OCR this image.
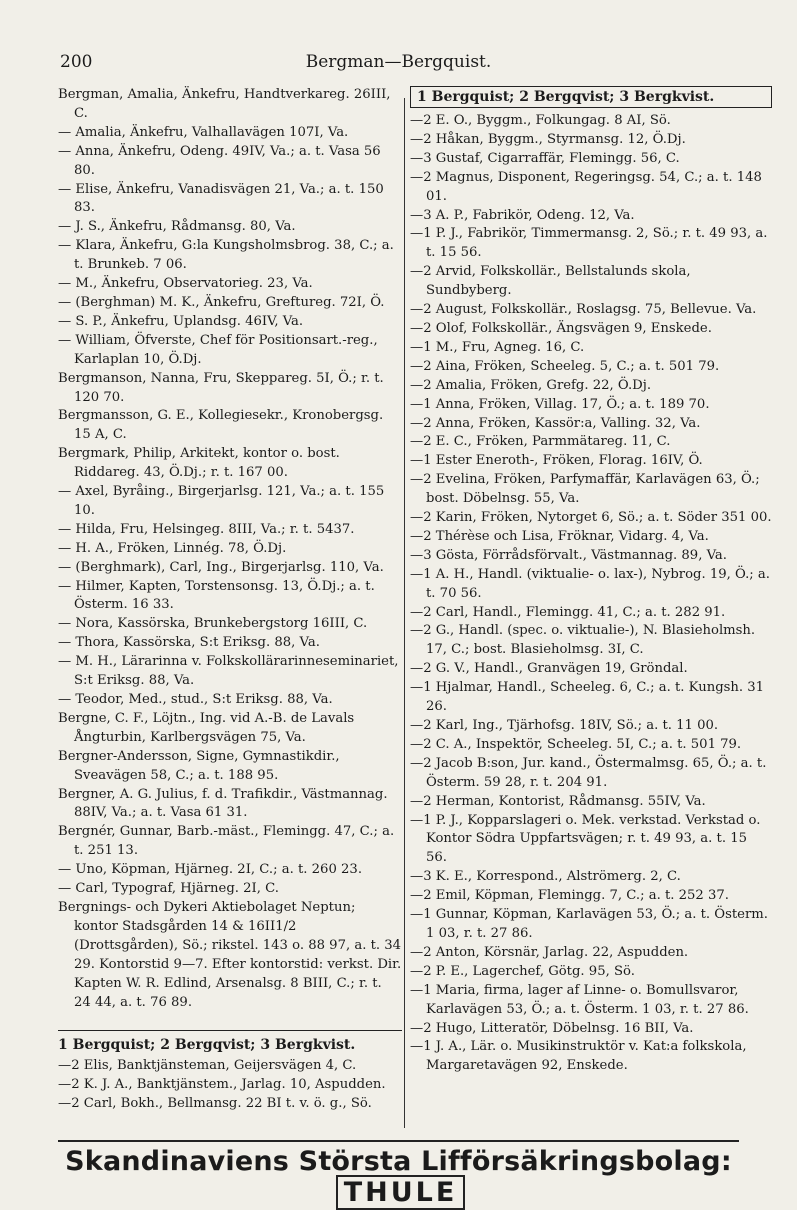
200	Bergman—Bergquist.

Bergman, Amalia, Änkefru, Handtverkareg. 26III, C.

— Amalia, Änkefru, Valhallavägen 107I, Va.

— Anna, Änkefru, Odeng. 49IV, Va.; a. t. Vasa 56 80.

— Elise, Änkefru, Vanadisvägen 21, Va.; a. t. 150 83.

— J. S., Änkefru, Rådmansg. 80, Va.

— Klara, Änkefru, G:la Kungsholmsbrog. 38, C.; a. t. Brunkeb. 7 06.

— M., Änkefru, Observatorieg. 23, Va.

— (Berghman) M. K., Änkefru, Greftureg. 72I, Ö.

— S. P., Änkefru, Uplandsg. 46IV, Va.

— William, Öfverste, Chef för Positionsart.-reg., Karlaplan 10, Ö.Dj.

Bergmanson, Nanna, Fru, Skeppareg. 5I, Ö.; r. t. 120 70.

Bergmansson, G. E., Kollegiesekr., Kronobergsg. 15 A, C.

Bergmark, Philip, Arkitekt, kontor o. bost. Riddareg. 43, Ö.Dj.; r. t. 167 00.

— Axel, Byråing., Birgerjarlsg. 121, Va.; a. t. 155 10.

— Hilda, Fru, Helsingeg. 8III, Va.; r. t. 5437.

— H. A., Fröken, Linnég. 78, Ö.Dj.

— (Berghmark), Carl, Ing., Birgerjarlsg. 110, Va.

— Hilmer, Kapten, Torstensonsg. 13, Ö.Dj.; a. t. Österm. 16 33.

— Nora, Kassörska, Brunkebergstorg 16III, C.

— Thora, Kassörska, S:t Eriksg. 88, Va.

— M. H., Lärarinna v. Folkskollärarinneseminariet, S:t Eriksg. 88, Va.

— Teodor, Med., stud., S:t Eriksg. 88, Va.

Bergne, C. F., Löjtn., Ing. vid A.-B. de Lavals Ångturbin, Karlbergsvägen 75, Va.

Bergner-Andersson, Signe, Gymnastikdir., Sveavägen 58, C.; a. t. 188 95.

Bergner, A. G. Julius, f. d. Trafikdir., Västmannag. 88IV, Va.; a. t. Vasa 61 31.

Bergnér, Gunnar, Barb.-mäst., Flemingg. 47, C.; a. t. 251 13.

— Uno, Köpman, Hjärneg. 2I, C.; a. t. 260 23.

— Carl, Typograf, Hjärneg. 2I, C.

Bergnings- och Dykeri Aktiebolaget Neptun; kontor Stadsgården 14 & 16II1/2 (Drottsgården), Sö.; rikstel. 143 o. 88 97, a. t. 34 29. Kontorstid 9—7. Efter kontorstid: verkst. Dir. Kapten W. R. Edlind, Arsenalsg. 8 BIII, C.; r. t. 24 44, a. t. 76 89.

1 Bergquist; 2 Bergqvist; 3 Bergkvist.

—2 Elis, Banktjänsteman, Geijersvägen 4, C.

—2 K. J. A., Banktjänstem., Jarlag. 10, Aspudden.

—2 Carl, Bokh., Bellmansg. 22 BI t. v. ö. g., Sö.

1 Bergquist; 2 Bergqvist; 3 Bergkvist.

—2 E. O., Byggm., Folkungag. 8 AI, Sö.

—2 Håkan, Byggm., Styrmansg. 12, Ö.Dj.

—3 Gustaf, Cigarraffär, Flemingg. 56, C.

—2 Magnus, Disponent, Regeringsg. 54, C.; a. t. 148 01.

—3 A. P., Fabrikör, Odeng. 12, Va.

—1 P. J., Fabrikör, Timmermansg. 2, Sö.; r. t. 49 93, a. t. 15 56.

—2 Arvid, Folkskollär., Bellstalunds skola, Sundbyberg.

—2 August, Folkskollär., Roslagsg. 75, Bellevue. Va.

—2 Olof, Folkskollär., Ängsvägen 9, Enskede.

—1 M., Fru, Agneg. 16, C.

—2 Aina, Fröken, Scheeleg. 5, C.; a. t. 501 79.

—2 Amalia, Fröken, Grefg. 22, Ö.Dj.

—1 Anna, Fröken, Villag. 17, Ö.; a. t. 189 70.

—2 Anna, Fröken, Kassör:a, Valling. 32, Va.

—2 E. C., Fröken, Parmmätareg. 11, C.

—1 Ester Eneroth-, Fröken, Florag. 16IV, Ö.

—2 Evelina, Fröken, Parfymaffär, Karlavägen 63, Ö.; bost. Döbelnsg. 55, Va.

—2 Karin, Fröken, Nytorget 6, Sö.; a. t. Söder 351 00.

—2 Thérèse och Lisa, Fröknar, Vidarg. 4, Va.

—3 Gösta, Förrådsförvalt., Västmannag. 89, Va.

—1 A. H., Handl. (viktualie- o. lax-), Nybrog. 19, Ö.; a. t. 70 56.

—2 Carl, Handl., Flemingg. 41, C.; a. t. 282 91.

—2 G., Handl. (spec. o. viktualie-), N. Blasieholmsh. 17, C.; bost. Blasieholmsg. 3I, C.

—2 G. V., Handl., Granvägen 19, Gröndal.

—1 Hjalmar, Handl., Scheeleg. 6, C.; a. t. Kungsh. 31 26.

—2 Karl, Ing., Tjärhofsg. 18IV, Sö.; a. t. 11 00.

—2 C. A., Inspektör, Scheeleg. 5I, C.; a. t. 501 79.

—2 Jacob B:son, Jur. kand., Östermalmsg. 65, Ö.; a. t. Österm. 59 28, r. t. 204 91.

—2 Herman, Kontorist, Rådmansg. 55IV, Va.

—1 P. J., Kopparslageri o. Mek. verkstad. Verkstad o. Kontor Södra Uppfartsvägen; r. t. 49 93, a. t. 15 56.

—3 K. E., Korrespond., Alströmerg. 2, C.

—2 Emil, Köpman, Flemingg. 7, C.; a. t. 252 37.

—1 Gunnar, Köpman, Karlavägen 53, Ö.; a. t. Österm. 1 03, r. t. 27 86.

—2 Anton, Körsnär, Jarlag. 22, Aspudden.

—2 P. E., Lagerchef, Götg. 95, Sö.

—1 Maria, firma, lager af Linne- o. Bomullsvaror, Karlavägen 53, Ö.; a. t. Österm. 1 03, r. t. 27 86.

—2 Hugo, Litteratör, Döbelnsg. 16 BII, Va.

—1 J. A., Lär. o. Musikinstruktör v. Kat:a folkskola, Margaretavägen 92, Enskede.

Skandinaviens Största Lifförsäkringsbolag: THULE
